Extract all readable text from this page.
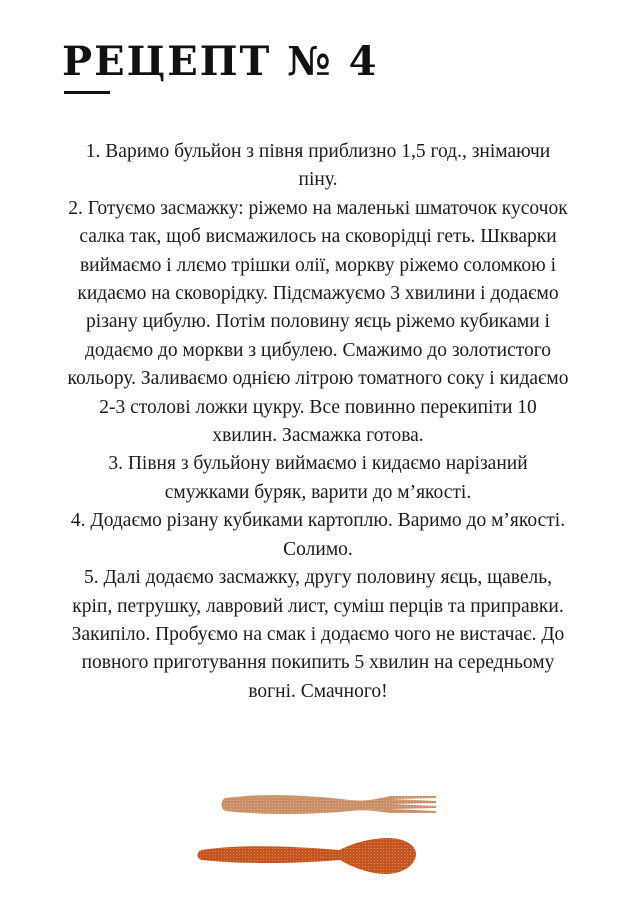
РЕЦЕПТ № 4

1. Варимо бульйон з півня приблизно 1,5 год., знімаючи піну.

2. Готуємо засмажку: ріжемо на маленькі шматочок кусочок салка так, щоб висмажилось на сковорідці геть. Шкварки виймаємо і ллємо трішки олії, моркву ріжемо соломкою і кидаємо на сковорідку. Підсмажуємо 3 хвилини і додаємо різану цибулю. Потім половину яєць ріжемо кубиками і додаємо до моркви з цибулею. Смажимо до золотистого кольору. Заливаємо однією літрою томатного соку і кидаємо 2-3 столові ложки цукру. Все повинно перекипіти 10 хвилин. Засмажка готова.

3. Півня з бульйону виймаємо і кидаємо нарізаний смужками буряк, варити до м’якості.

4. Додаємо різану кубиками картоплю. Варимо до м’якості. Солимо.

5. Далі додаємо засмажку, другу половину яєць, щавель, кріп, петрушку, лавровий лист, суміш перців та приправки. Закипіло. Пробуємо на смак і додаємо чого не вистачає. До повного приготування покипить 5 хвилин на середньому вогні. Смачного!
